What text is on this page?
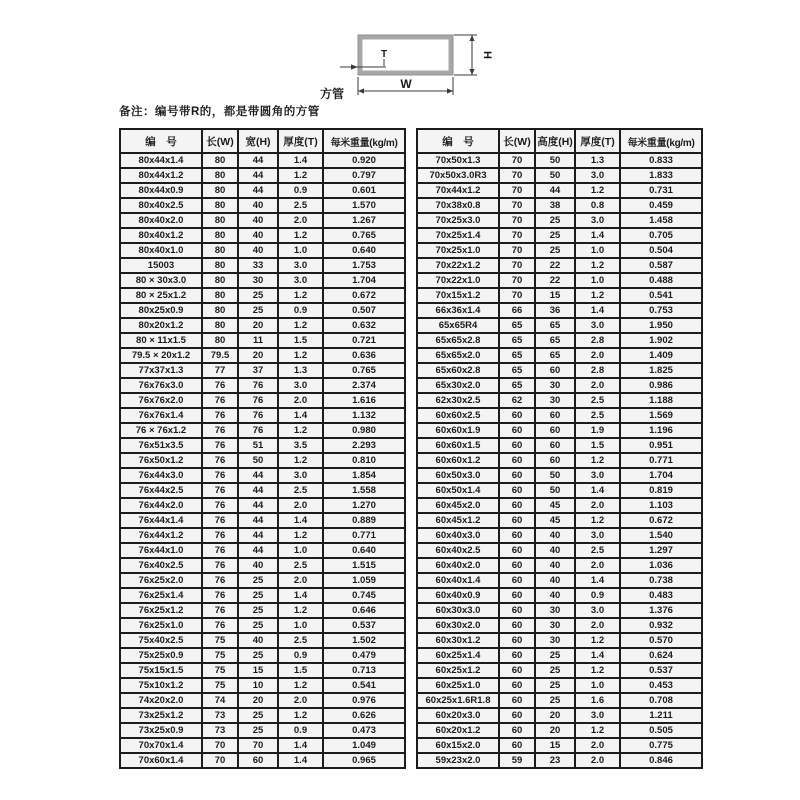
T	H
W
方管
备注：编号带R的，都是带圆角的方管
编　号	长(W)	宽(H)	厚度(T)	每米重量(kg/m)
80x44x1.4	80	44	1.4	0.920
80x44x1.2	80	44	1.2	0.797
80x44x0.9	80	44	0.9	0.601
80x40x2.5	80	40	2.5	1.570
80x40x2.0	80	40	2.0	1.267
80x40x1.2	80	40	1.2	0.765
80x40x1.0	80	40	1.0	0.640
15003	80	33	3.0	1.753
80 × 30x3.0	80	30	3.0	1.704
80 × 25x1.2	80	25	1.2	0.672
80x25x0.9	80	25	0.9	0.507
80x20x1.2	80	20	1.2	0.632
80 × 11x1.5	80	11	1.5	0.721
79.5 × 20x1.2	79.5	20	1.2	0.636
77x37x1.3	77	37	1.3	0.765
76x76x3.0	76	76	3.0	2.374
76x76x2.0	76	76	2.0	1.616
76x76x1.4	76	76	1.4	1.132
76 × 76x1.2	76	76	1.2	0.980
76x51x3.5	76	51	3.5	2.293
76x50x1.2	76	50	1.2	0.810
76x44x3.0	76	44	3.0	1.854
76x44x2.5	76	44	2.5	1.558
76x44x2.0	76	44	2.0	1.270
76x44x1.4	76	44	1.4	0.889
76x44x1.2	76	44	1.2	0.771
76x44x1.0	76	44	1.0	0.640
76x40x2.5	76	40	2.5	1.515
76x25x2.0	76	25	2.0	1.059
76x25x1.4	76	25	1.4	0.745
76x25x1.2	76	25	1.2	0.646
76x25x1.0	76	25	1.0	0.537
75x40x2.5	75	40	2.5	1.502
75x25x0.9	75	25	0.9	0.479
75x15x1.5	75	15	1.5	0.713
75x10x1.2	75	10	1.2	0.541
74x20x2.0	74	20	2.0	0.976
73x25x1.2	73	25	1.2	0.626
73x25x0.9	73	25	0.9	0.473
70x70x1.4	70	70	1.4	1.049
70x60x1.4	70	60	1.4	0.965
编　号	长(W)	高度(H)	厚度(T)	每米重量(kg/m)
70x50x1.3	70	50	1.3	0.833
70x50x3.0R3	70	50	3.0	1.833
70x44x1.2	70	44	1.2	0.731
70x38x0.8	70	38	0.8	0.459
70x25x3.0	70	25	3.0	1.458
70x25x1.4	70	25	1.4	0.705
70x25x1.0	70	25	1.0	0.504
70x22x1.2	70	22	1.2	0.587
70x22x1.0	70	22	1.0	0.488
70x15x1.2	70	15	1.2	0.541
66x36x1.4	66	36	1.4	0.753
65x65R4	65	65	3.0	1.950
65x65x2.8	65	65	2.8	1.902
65x65x2.0	65	65	2.0	1.409
65x60x2.8	65	60	2.8	1.825
65x30x2.0	65	30	2.0	0.986
62x30x2.5	62	30	2.5	1.188
60x60x2.5	60	60	2.5	1.569
60x60x1.9	60	60	1.9	1.196
60x60x1.5	60	60	1.5	0.951
60x60x1.2	60	60	1.2	0.771
60x50x3.0	60	50	3.0	1.704
60x50x1.4	60	50	1.4	0.819
60x45x2.0	60	45	2.0	1.103
60x45x1.2	60	45	1.2	0.672
60x40x3.0	60	40	3.0	1.540
60x40x2.5	60	40	2.5	1.297
60x40x2.0	60	40	2.0	1.036
60x40x1.4	60	40	1.4	0.738
60x40x0.9	60	40	0.9	0.483
60x30x3.0	60	30	3.0	1.376
60x30x2.0	60	30	2.0	0.932
60x30x1.2	60	30	1.2	0.570
60x25x1.4	60	25	1.4	0.624
60x25x1.2	60	25	1.2	0.537
60x25x1.0	60	25	1.0	0.453
60x25x1.6R1.8	60	25	1.6	0.708
60x20x3.0	60	20	3.0	1.211
60x20x1.2	60	20	1.2	0.505
60x15x2.0	60	15	2.0	0.775
59x23x2.0	59	23	2.0	0.846
